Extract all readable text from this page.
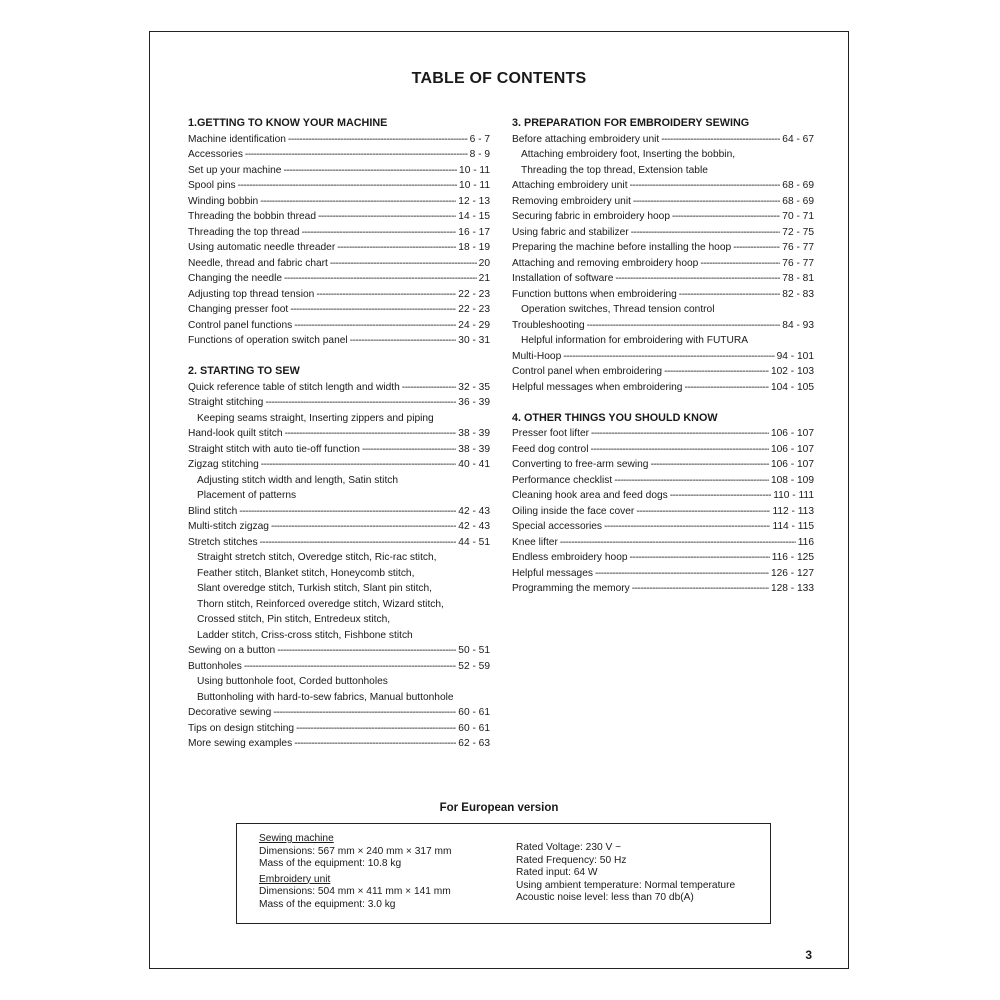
TABLE OF CONTENTS
1.GETTING TO KNOW YOUR MACHINE
Machine identification -----	6 - 7
Accessories -----	8 - 9
Set up your machine -----	10 - 11
Spool pins -----	10 - 11
Winding bobbin -----	12 - 13
Threading the bobbin thread -----	14 - 15
Threading the top thread -----	16 - 17
Using automatic needle threader -----	18 - 19
Needle, thread and fabric chart -----	20
Changing the needle -----	21
Adjusting top thread tension -----	22 - 23
Changing presser foot -----	22 - 23
Control panel functions -----	24 - 29
Functions of operation switch panel -----	30 - 31
2. STARTING TO SEW
Quick reference table of stitch length and width -----	32 - 35
Straight stitching -----	36 - 39
Keeping seams straight, Inserting zippers and piping
Hand-look quilt stitch -----	38 - 39
Straight stitch with auto tie-off function -----	38 - 39
Zigzag stitching -----	40 - 41
Adjusting stitch width and length, Satin stitch
Placement of patterns
Blind stitch -----	42 - 43
Multi-stitch zigzag -----	42 - 43
Stretch stitches -----	44 - 51
Straight stretch stitch, Overedge stitch, Ric-rac stitch,
Feather stitch, Blanket stitch, Honeycomb stitch,
Slant overedge stitch, Turkish stitch, Slant pin stitch,
Thorn stitch, Reinforced overedge stitch, Wizard stitch,
Crossed stitch, Pin stitch, Entredeux stitch,
Ladder stitch, Criss-cross stitch, Fishbone stitch
Sewing on a button -----	50 - 51
Buttonholes -----	52 - 59
Using buttonhole foot, Corded buttonholes
Buttonholing with hard-to-sew fabrics, Manual buttonhole
Decorative sewing -----	60 - 61
Tips on design stitching -----	60 - 61
More sewing examples -----	62 - 63
3. PREPARATION FOR EMBROIDERY SEWING
Before attaching embroidery unit -----	64 - 67
Attaching embroidery foot, Inserting the bobbin,
Threading the top thread, Extension table
Attaching embroidery unit -----	68 - 69
Removing embroidery unit -----	68 - 69
Securing fabric in embroidery hoop -----	70 - 71
Using fabric and stabilizer -----	72 - 75
Preparing the machine before installing the hoop -----	76 - 77
Attaching and removing embroidery hoop -----	76 - 77
Installation of software -----	78 - 81
Function buttons when embroidering -----	82 - 83
Operation switches, Thread tension control
Troubleshooting -----	84 - 93
Helpful information for embroidering with FUTURA
Multi-Hoop -----	94 - 101
Control panel when embroidering -----	102 - 103
Helpful messages when embroidering -----	104 - 105
4. OTHER THINGS YOU SHOULD KNOW
Presser foot lifter -----	106 - 107
Feed dog control -----	106 - 107
Converting to free-arm sewing -----	106 - 107
Performance checklist -----	108 - 109
Cleaning hook area and feed dogs -----	110 - 111
Oiling inside the face cover -----	112 - 113
Special accessories -----	114 - 115
Knee lifter -----	116
Endless embroidery hoop -----	116 - 125
Helpful messages -----	126 - 127
Programming the memory -----	128 - 133
For European version
Sewing machine
Dimensions: 567 mm × 240 mm × 317 mm
Mass of the equipment: 10.8 kg
Embroidery unit
Dimensions: 504 mm × 411 mm × 141 mm
Mass of the equipment: 3.0 kg
Rated Voltage: 230 V ~
Rated Frequency: 50 Hz
Rated input: 64 W
Using ambient temperature: Normal temperature
Acoustic noise level: less than 70 db(A)
3
